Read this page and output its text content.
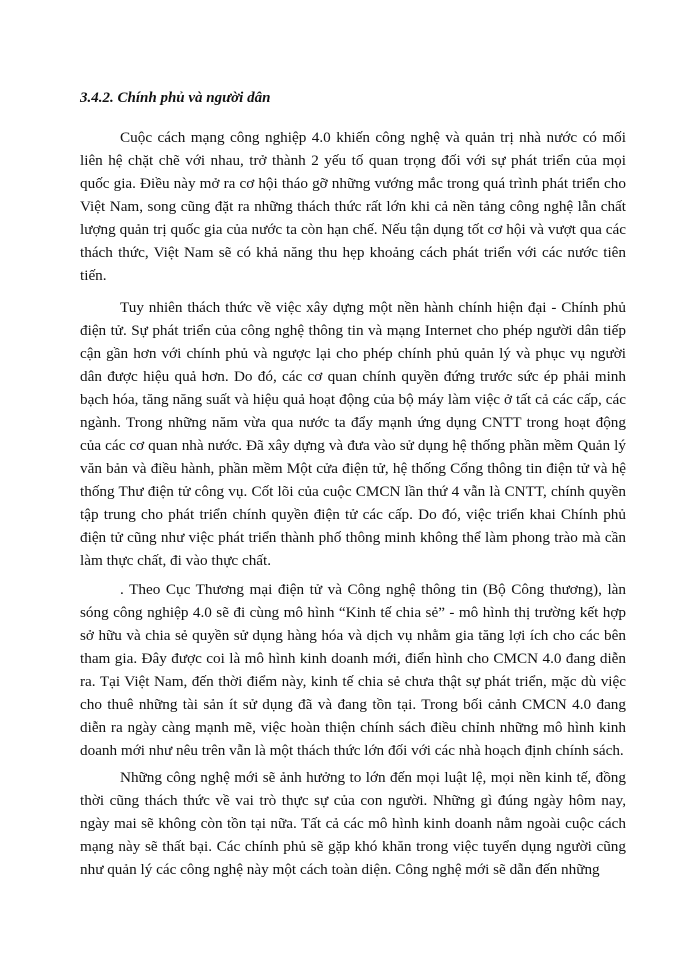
3.4.2. Chính phủ và người dân

Cuộc cách mạng công nghiệp 4.0 khiến công nghệ và quản trị nhà nước có mối liên hệ chặt chẽ với nhau, trở thành 2 yếu tố quan trọng đối với sự phát triển của mọi quốc gia. Điều này mở ra cơ hội tháo gỡ những vướng mắc trong quá trình phát triển cho Việt Nam, song cũng đặt ra những thách thức rất lớn khi cả nền tảng công nghệ lẫn chất lượng quản trị quốc gia của nước ta còn hạn chế. Nếu tận dụng tốt cơ hội và vượt qua các thách thức, Việt Nam sẽ có khả năng thu hẹp khoảng cách phát triển với các nước tiên tiến.

Tuy nhiên thách thức về việc xây dựng một nền hành chính hiện đại - Chính phủ điện tử. Sự phát triển của công nghệ thông tin và mạng Internet cho phép người dân tiếp cận gần hơn với chính phủ và ngược lại cho phép chính phủ quản lý và phục vụ người dân được hiệu quả hơn. Do đó, các cơ quan chính quyền đứng trước sức ép phải minh bạch hóa, tăng năng suất và hiệu quả hoạt động của bộ máy làm việc ở tất cả các cấp, các ngành. Trong những năm vừa qua nước ta đẩy mạnh ứng dụng CNTT trong hoạt động của các cơ quan nhà nước. Đã xây dựng và đưa vào sử dụng hệ thống phần mềm Quản lý văn bản và điều hành, phần mềm Một cửa điện tử, hệ thống Cổng thông tin điện tử và hệ thống Thư điện tử công vụ. Cốt lõi của cuộc CMCN lần thứ 4 vẫn là CNTT, chính quyền tập trung cho phát triển chính quyền điện tử các cấp. Do đó, việc triển khai Chính phủ điện tử cũng như việc phát triển thành phố thông minh không thể làm phong trào mà cần làm thực chất, đi vào thực chất.

. Theo Cục Thương mại điện tử và Công nghệ thông tin (Bộ Công thương), làn sóng công nghiệp 4.0 sẽ đi cùng mô hình “Kinh tế chia sẻ” - mô hình thị trường kết hợp sở hữu và chia sẻ quyền sử dụng hàng hóa và dịch vụ nhằm gia tăng lợi ích cho các bên tham gia. Đây được coi là mô hình kinh doanh mới, điển hình cho CMCN 4.0 đang diễn ra. Tại Việt Nam, đến thời điểm này, kinh tế chia sẻ chưa thật sự phát triển, mặc dù việc cho thuê những tài sản ít sử dụng đã và đang tồn tại. Trong bối cảnh CMCN 4.0 đang diễn ra ngày càng mạnh mẽ, việc hoàn thiện chính sách điều chỉnh những mô hình kinh doanh mới như nêu trên vẫn là một thách thức lớn đối với các nhà hoạch định chính sách.

Những công nghệ mới sẽ ảnh hưởng to lớn đến mọi luật lệ, mọi nền kinh tế, đồng thời cũng thách thức về vai trò thực sự của con người. Những gì đúng ngày hôm nay, ngày mai sẽ không còn tồn tại nữa. Tất cả các mô hình kinh doanh nằm ngoài cuộc cách mạng này sẽ thất bại. Các chính phủ sẽ gặp khó khăn trong việc tuyển dụng người cũng như quản lý các công nghệ này một cách toàn diện. Công nghệ mới sẽ dẫn đến những
